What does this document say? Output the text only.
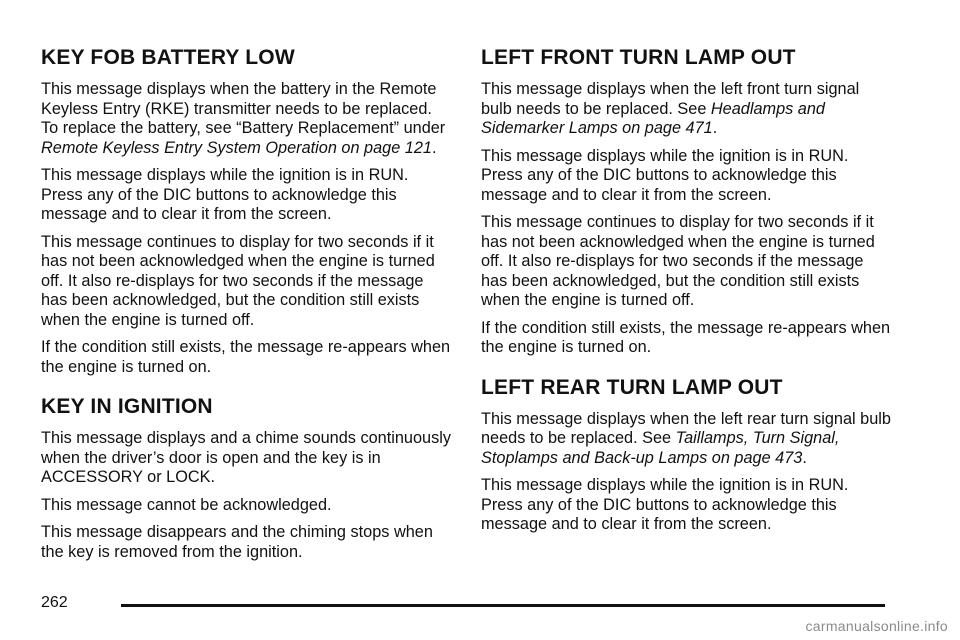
KEY FOB BATTERY LOW

This message displays when the battery in the Remote Keyless Entry (RKE) transmitter needs to be replaced. To replace the battery, see “Battery Replacement” under Remote Keyless Entry System Operation on page 121.

This message displays while the ignition is in RUN. Press any of the DIC buttons to acknowledge this message and to clear it from the screen.

This message continues to display for two seconds if it has not been acknowledged when the engine is turned off. It also re-displays for two seconds if the message has been acknowledged, but the condition still exists when the engine is turned off.

If the condition still exists, the message re-appears when the engine is turned on.

KEY IN IGNITION

This message displays and a chime sounds continuously when the driver’s door is open and the key is in ACCESSORY or LOCK.

This message cannot be acknowledged.

This message disappears and the chiming stops when the key is removed from the ignition.

LEFT FRONT TURN LAMP OUT

This message displays when the left front turn signal bulb needs to be replaced. See Headlamps and Sidemarker Lamps on page 471.

This message displays while the ignition is in RUN. Press any of the DIC buttons to acknowledge this message and to clear it from the screen.

This message continues to display for two seconds if it has not been acknowledged when the engine is turned off. It also re-displays for two seconds if the message has been acknowledged, but the condition still exists when the engine is turned off.

If the condition still exists, the message re-appears when the engine is turned on.

LEFT REAR TURN LAMP OUT

This message displays when the left rear turn signal bulb needs to be replaced. See Taillamps, Turn Signal, Stoplamps and Back-up Lamps on page 473.

This message displays while the ignition is in RUN. Press any of the DIC buttons to acknowledge this message and to clear it from the screen.

262
carmanualsonline.info
